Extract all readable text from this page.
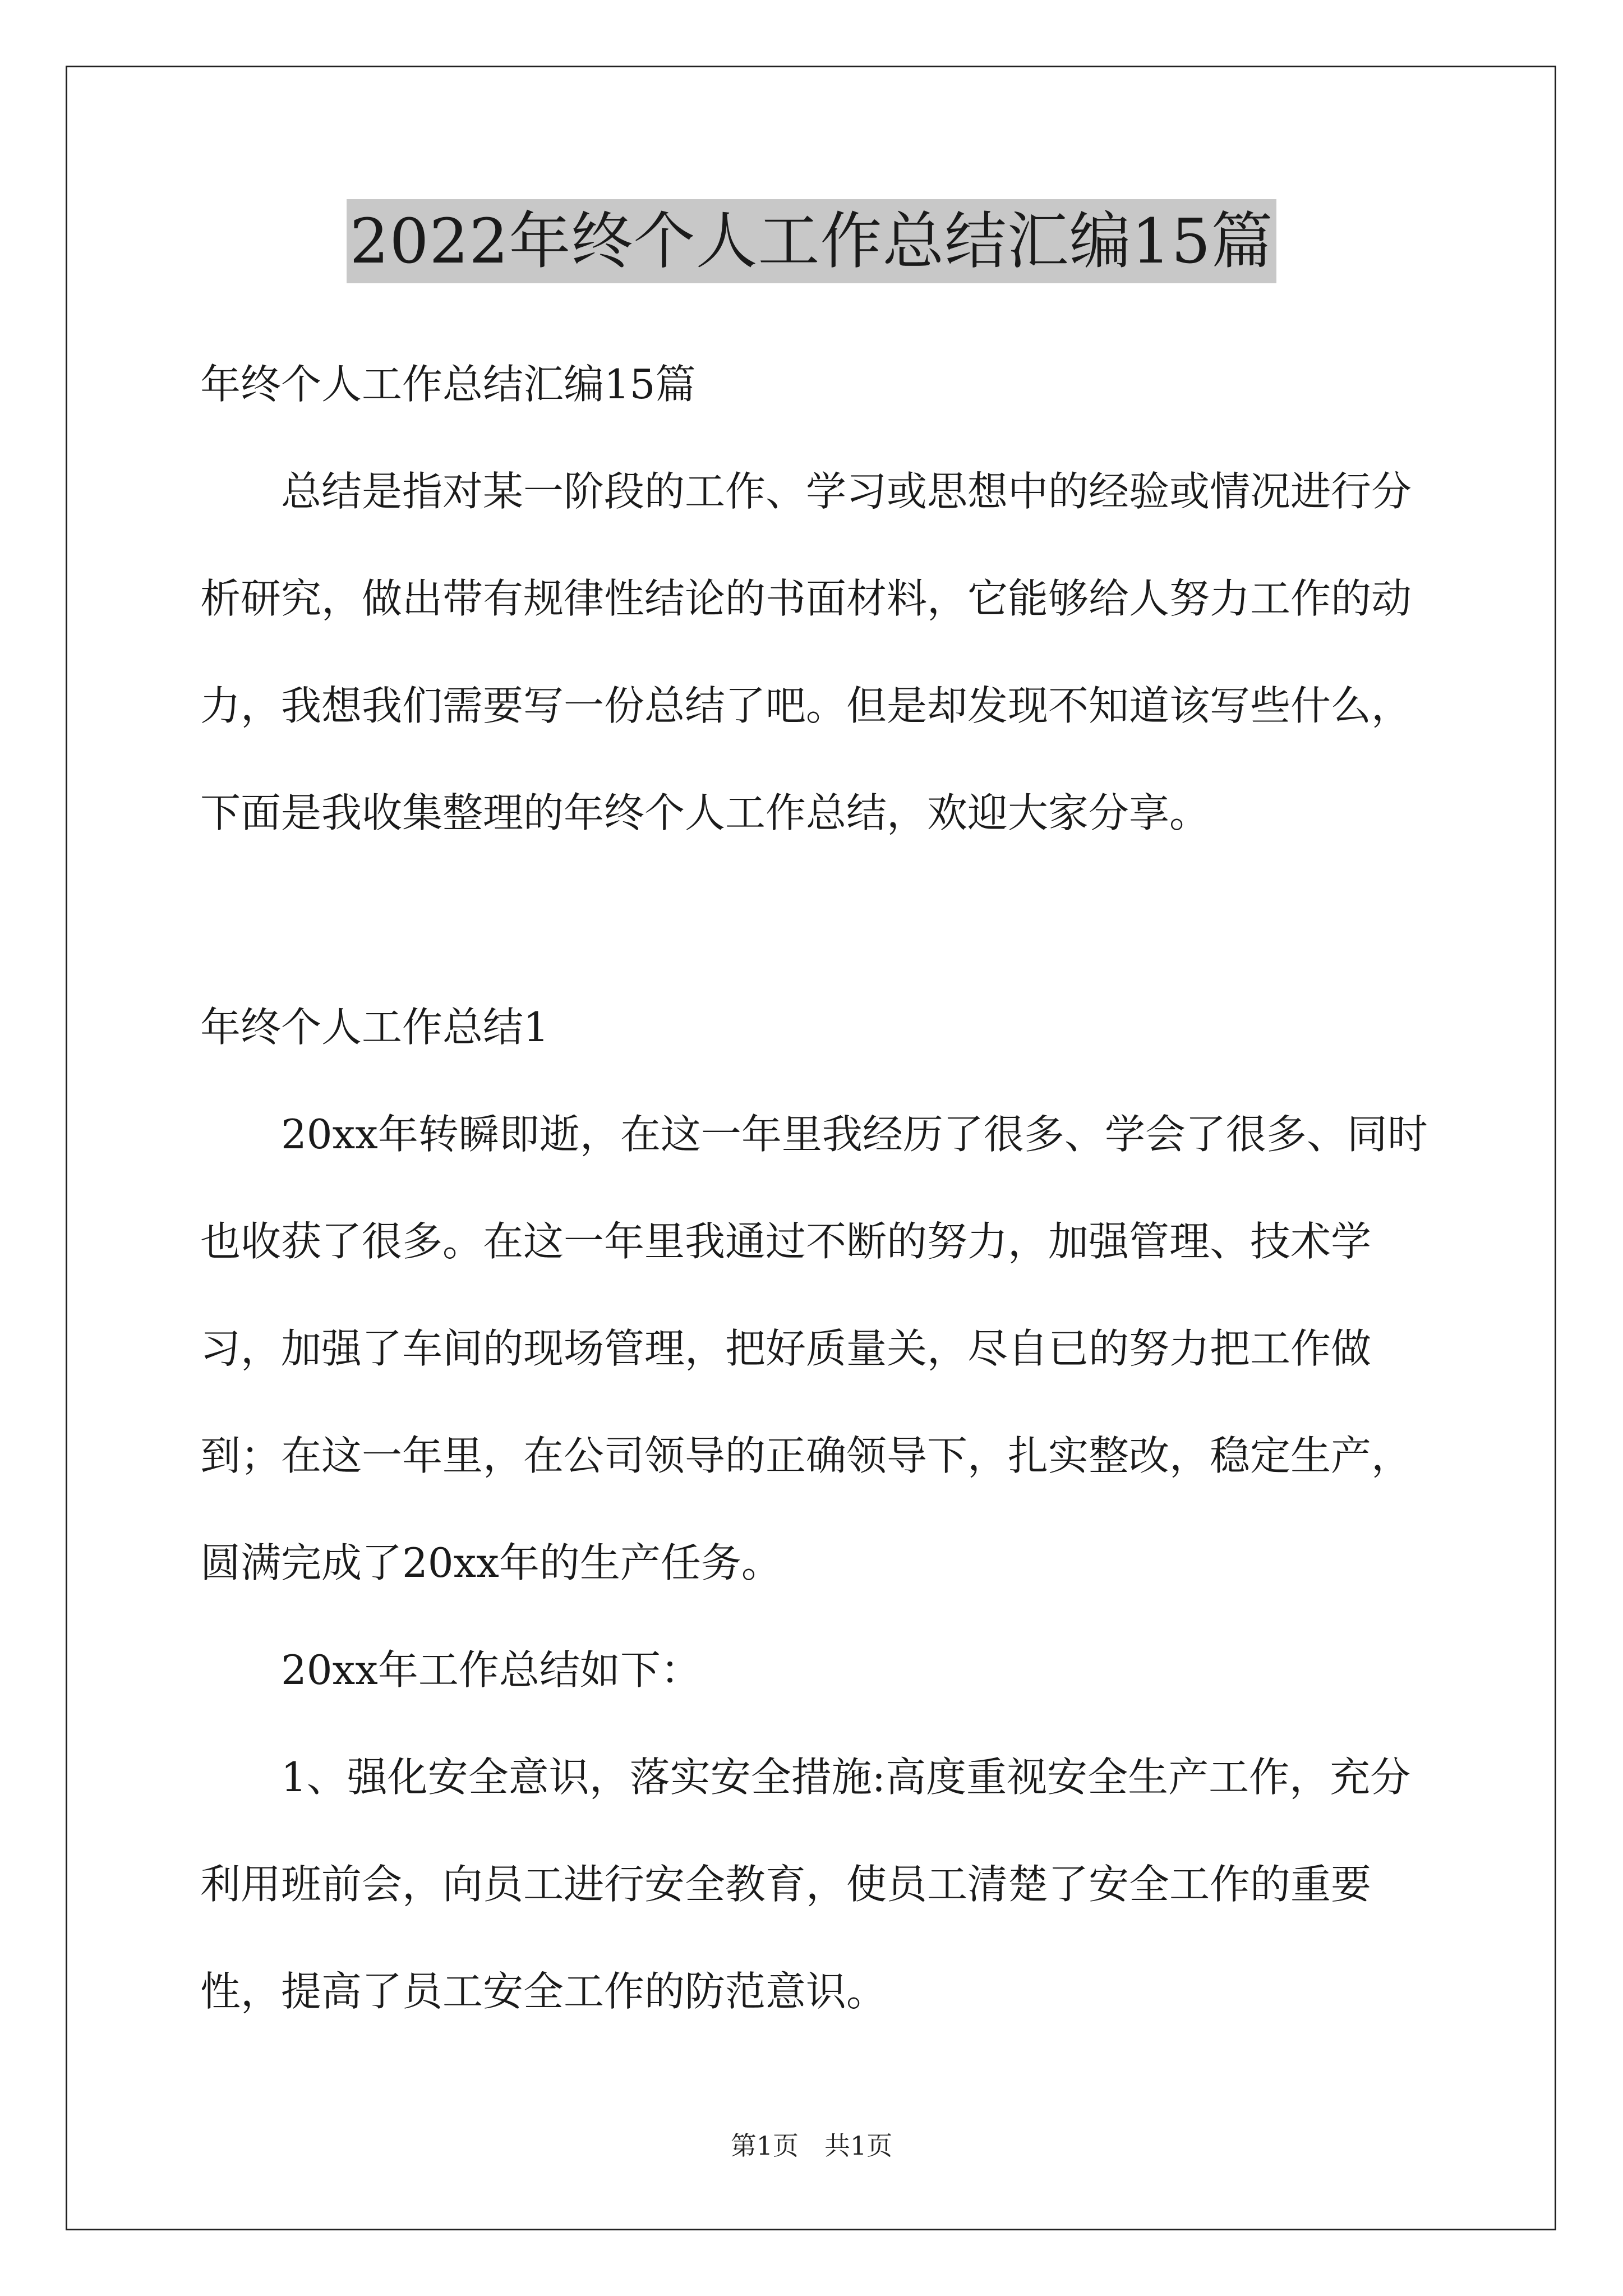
2022年终个人工作总结汇编15篇

年终个人工作总结汇编15篇

总结是指对某一阶段的工作、学习或思想中的经验或情况进行分析研究，做出带有规律性结论的书面材料，它能够给人努力工作的动力，我想我们需要写一份总结了吧。但是却发现不知道该写些什么，下面是我收集整理的年终个人工作总结，欢迎大家分享。

年终个人工作总结1

20xx年转瞬即逝，在这一年里我经历了很多、学会了很多、同时也收获了很多。在这一年里我通过不断的努力，加强管理、技术学习，加强了车间的现场管理，把好质量关，尽自已的努力把工作做到；在这一年里，在公司领导的正确领导下，扎实整改，稳定生产，圆满完成了20xx年的生产任务。

20xx年工作总结如下：

1、强化安全意识，落实安全措施:高度重视安全生产工作，充分利用班前会，向员工进行安全教育，使员工清楚了安全工作的重要性，提高了员工安全工作的防范意识。

第1页 共1页
